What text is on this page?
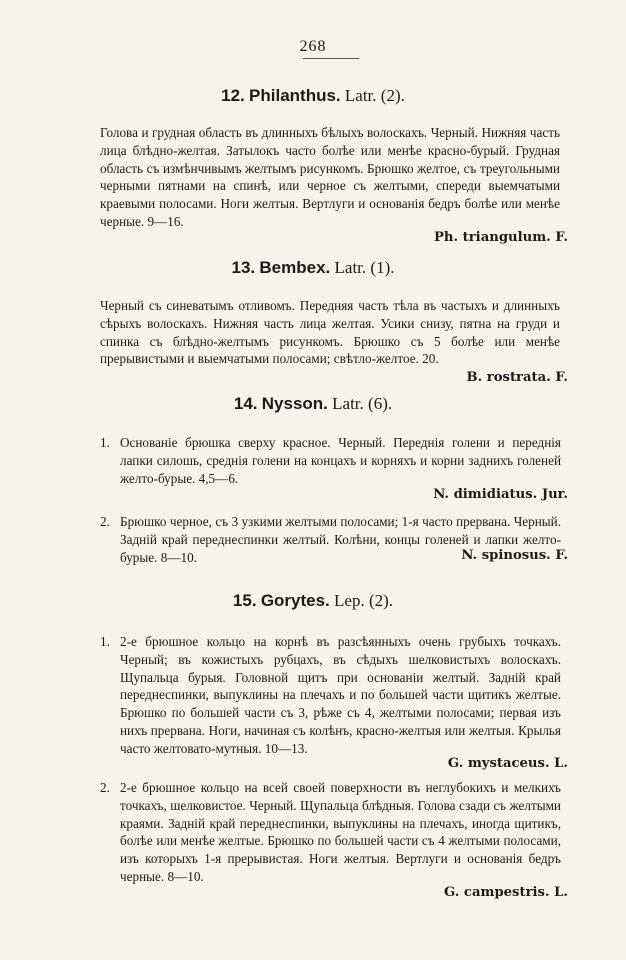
268
12. Philanthus. Latr. (2).
Голова и грудная область въ длинныхъ бѣлыхъ волоскахъ. Черный. Нижняя часть лица блѣдно-желтая. Затылокъ часто болѣе или менѣе красно-бурый. Грудная область съ измѣнчивымъ желтымъ рисункомъ. Брюшко желтое, съ треугольными черными пятнами на спинѣ, или черное съ желтыми, спереди выемчатыми краевыми полосами. Ноги желтыя. Вертлуги и основанія бедръ болѣе или менѣе черные. 9—16.
Ph. triangulum. F.
13. Bembex. Latr. (1).
Черный съ синеватымъ отливомъ. Передняя часть тѣла въ частыхъ и длинныхъ сѣрыхъ волоскахъ. Нижняя часть лица желтая. Усики снизу, пятна на груди и спинка съ блѣдно-желтымъ рисункомъ. Брюшко съ 5 болѣе или менѣе прерывистыми и выемчатыми полосами; свѣтло-желтое. 20.
B. rostrata. F.
14. Nysson. Latr. (6).
1. Основаніе брюшка сверху красное. Черный. Переднія голени и переднія лапки силошь, среднія голени на концахъ и корняхъ и корни заднихъ голеней желто-бурые. 4,5—6.
N. dimidiatus. Jur.
2. Брюшко черное, съ 3 узкими желтыми полосами; 1-я часто прервана. Черный. Задній край переднеспинки желтый. Колѣни, концы голеней и лапки желто-бурые. 8—10.	N. spinosus. F.
15. Gorytes. Lep. (2).
1. 2-е брюшное кольцо на корнѣ въ разсѣянныхъ очень грубыхъ точкахъ. Черный; въ кожистыхъ рубцахъ, въ сѣдыхъ шелковистыхъ волоскахъ. Щупальца бурыя. Головной щитъ при основаніи желтый. Задній край переднеспинки, выпуклины на плечахъ и по большей части щитикъ желтые. Брюшко по большей части съ 3, рѣже съ 4, желтыми полосами; первая изъ нихъ прервана. Ноги, начиная съ колѣнъ, красно-желтыя или желтыя. Крылья часто желтовато-мутныя. 10—13.
G. mystaceus. L.
2. 2-е брюшное кольцо на всей своей поверхности въ неглубокихъ и мелкихъ точкахъ, шелковистое. Черный. Щупальца блѣдныя. Голова сзади съ желтыми краями. Задній край переднеспинки, выпуклины на плечахъ, иногда щитикъ, болѣе или менѣе желтые. Брюшко по большей части съ 4 желтыми полосами, изъ которыхъ 1-я прерывистая. Ноги желтыя. Вертлуги и основанія бедръ черные. 8—10.
G. campestris. L.
